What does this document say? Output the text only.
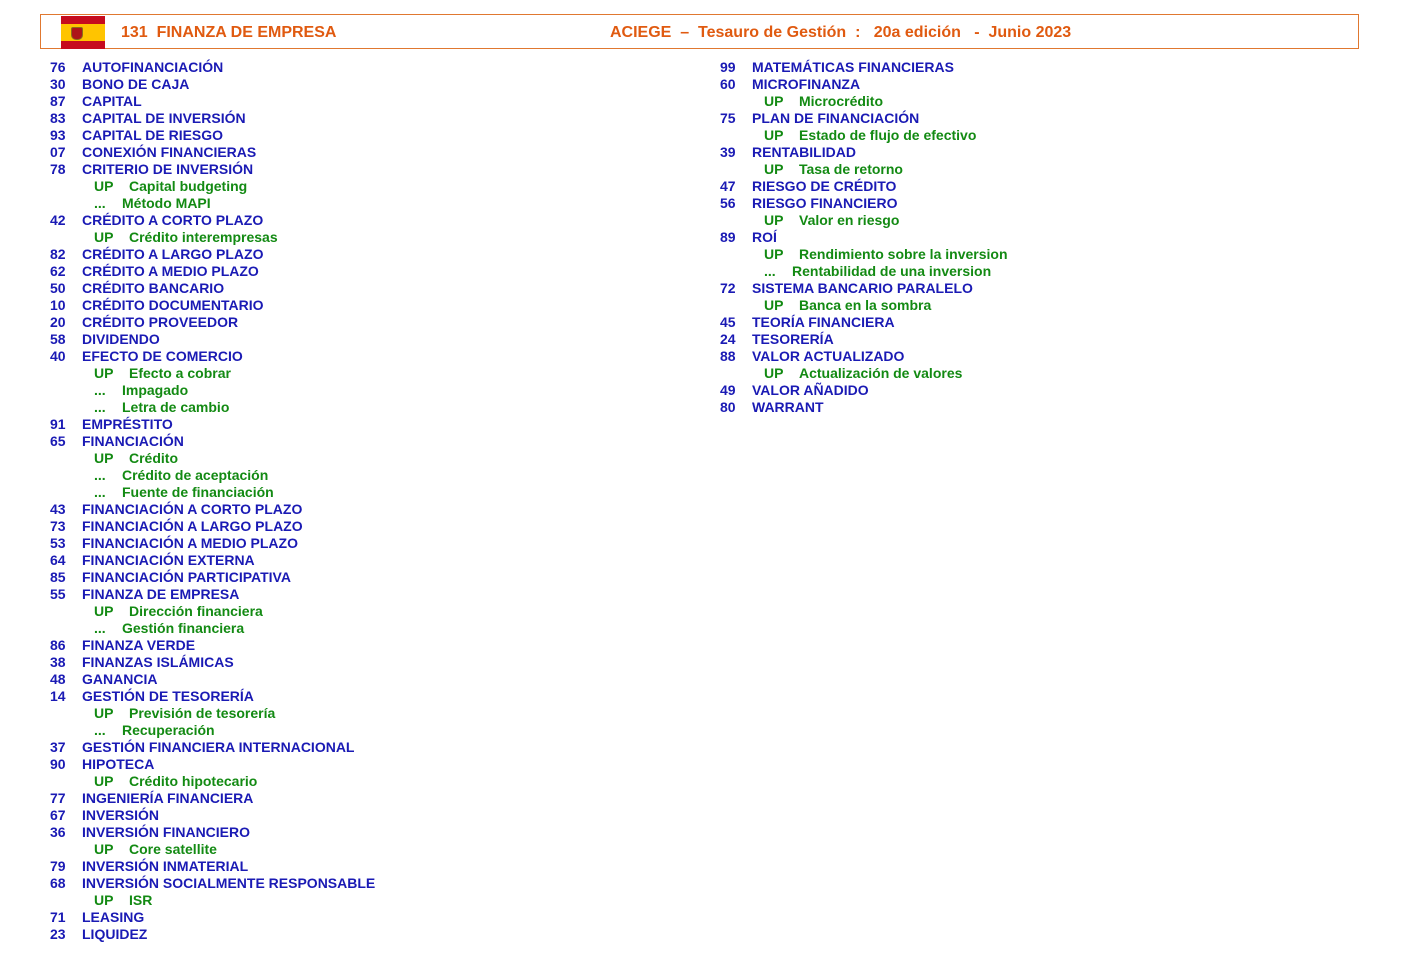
131  FINANZA DE EMPRESA	ACIEGE  –  Tesauro de Gestión  :   20a edición   -  Junio 2023
76 AUTOFINANCIACIÓN
30 BONO DE CAJA
87 CAPITAL
83 CAPITAL DE INVERSIÓN
93 CAPITAL DE RIESGO
07 CONEXIÓN FINANCIERAS
78 CRITERIO DE INVERSIÓN
UP Capital budgeting
... Método MAPI
42 CRÉDITO A CORTO PLAZO
UP Crédito interempresas
82 CRÉDITO A LARGO PLAZO
62 CRÉDITO A MEDIO PLAZO
50 CRÉDITO BANCARIO
10 CRÉDITO DOCUMENTARIO
20 CRÉDITO PROVEEDOR
58 DIVIDENDO
40 EFECTO DE COMERCIO
UP Efecto a cobrar
... Impagado
... Letra de cambio
91 EMPRÉSTITO
65 FINANCIACIÓN
UP Crédito
... Crédito de aceptación
... Fuente de financiación
43 FINANCIACIÓN A CORTO PLAZO
73 FINANCIACIÓN A LARGO PLAZO
53 FINANCIACIÓN A MEDIO PLAZO
64 FINANCIACIÓN EXTERNA
85 FINANCIACIÓN PARTICIPATIVA
55 FINANZA DE EMPRESA
UP Dirección financiera
... Gestión financiera
86 FINANZA VERDE
38 FINANZAS ISLÁMICAS
48 GANANCIA
14 GESTIÓN DE TESORERÍA
UP Previsión de tesorería
... Recuperación
37 GESTIÓN FINANCIERA INTERNACIONAL
90 HIPOTECA
UP Crédito hipotecario
77 INGENIERÍA FINANCIERA
67 INVERSIÓN
36 INVERSIÓN FINANCIERO
UP Core satellite
79 INVERSIÓN INMATERIAL
68 INVERSIÓN SOCIALMENTE RESPONSABLE
UP ISR
71 LEASING
23 LIQUIDEZ
99 MATEMÁTICAS FINANCIERAS
60 MICROFINANZA
UP Microcrédito
75 PLAN DE FINANCIACIÓN
UP Estado de flujo de efectivo
39 RENTABILIDAD
UP Tasa de retorno
47 RIESGO DE CRÉDITO
56 RIESGO FINANCIERO
UP Valor en riesgo
89 ROÍ
UP Rendimiento sobre la inversion
... Rentabilidad de una inversion
72 SISTEMA BANCARIO PARALELO
UP Banca en la sombra
45 TEORÍA FINANCIERA
24 TESORERÍA
88 VALOR ACTUALIZADO
UP Actualización de valores
49 VALOR AÑADIDO
80 WARRANT
